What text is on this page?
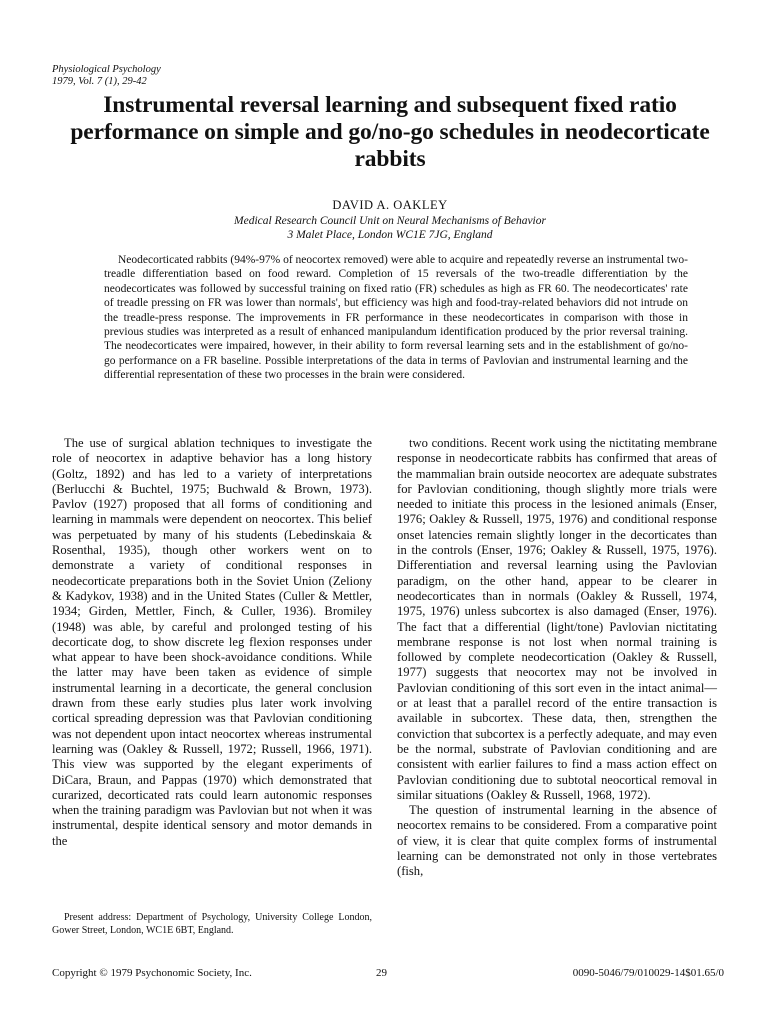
Physiological Psychology
1979, Vol. 7 (1), 29-42
Instrumental reversal learning and subsequent fixed ratio performance on simple and go/no-go schedules in neodecorticate rabbits
DAVID A. OAKLEY
Medical Research Council Unit on Neural Mechanisms of Behavior
3 Malet Place, London WC1E 7JG, England

Neodecorticated rabbits (94%-97% of neocortex removed) were able to acquire and repeatedly reverse an instrumental two-treadle differentiation based on food reward. Completion of 15 reversals of the two-treadle differentiation by the neodecorticates was followed by successful training on fixed ratio (FR) schedules as high as FR 60. The neodecorticates' rate of treadle pressing on FR was lower than normals', but efficiency was high and food-tray-related behaviors did not intrude on the treadle-press response. The improvements in FR performance in these neodecorticates in comparison with those in previous studies was interpreted as a result of enhanced manipulandum identification produced by the prior reversal training. The neodecorticates were impaired, however, in their ability to form reversal learning sets and in the establishment of go/no-go performance on a FR baseline. Possible interpretations of the data in terms of Pavlovian and instrumental learning and the differential representation of these two processes in the brain were considered.

The use of surgical ablation techniques to investigate the role of neocortex in adaptive behavior has a long history (Goltz, 1892) and has led to a variety of interpretations (Berlucchi & Buchtel, 1975; Buchwald & Brown, 1973). Pavlov (1927) proposed that all forms of conditioning and learning in mammals were dependent on neocortex. This belief was perpetuated by many of his students (Lebedinskaia & Rosenthal, 1935), though other workers went on to demonstrate a variety of conditional responses in neodecorticate preparations both in the Soviet Union (Zeliony & Kadykov, 1938) and in the United States (Culler & Mettler, 1934; Girden, Mettler, Finch, & Culler, 1936). Bromiley (1948) was able, by careful and prolonged testing of his decorticate dog, to show discrete leg flexion responses under what appear to have been shock-avoidance conditions. While the latter may have been taken as evidence of simple instrumental learning in a decorticate, the general conclusion drawn from these early studies plus later work involving cortical spreading depression was that Pavlovian conditioning was not dependent upon intact neocortex whereas instrumental learning was (Oakley & Russell, 1972; Russell, 1966, 1971). This view was supported by the elegant experiments of DiCara, Braun, and Pappas (1970) which demonstrated that curarized, decorticated rats could learn autonomic responses when the training paradigm was Pavlovian but not when it was instrumental, despite identical sensory and motor demands in the

two conditions. Recent work using the nictitating membrane response in neodecorticate rabbits has confirmed that areas of the mammalian brain outside neocortex are adequate substrates for Pavlovian conditioning, though slightly more trials were needed to initiate this process in the lesioned animals (Enser, 1976; Oakley & Russell, 1975, 1976) and conditional response onset latencies remain slightly longer in the decorticates than in the controls (Enser, 1976; Oakley & Russell, 1975, 1976). Differentiation and reversal learning using the Pavlovian paradigm, on the other hand, appear to be clearer in neodecorticates than in normals (Oakley & Russell, 1974, 1975, 1976) unless subcortex is also damaged (Enser, 1976). The fact that a differential (light/tone) Pavlovian nictitating membrane response is not lost when normal training is followed by complete neodecortication (Oakley & Russell, 1977) suggests that neocortex may not be involved in Pavlovian conditioning of this sort even in the intact animal—or at least that a parallel record of the entire transaction is available in subcortex. These data, then, strengthen the conviction that subcortex is a perfectly adequate, and may even be the normal, substrate of Pavlovian conditioning and are consistent with earlier failures to find a mass action effect on Pavlovian conditioning due to subtotal neocortical removal in similar situations (Oakley & Russell, 1968, 1972).

The question of instrumental learning in the absence of neocortex remains to be considered. From a comparative point of view, it is clear that quite complex forms of instrumental learning can be demonstrated not only in those vertebrates (fish,

Present address: Department of Psychology, University College London, Gower Street, London, WC1E 6BT, England.

Copyright © 1979 Psychonomic Society, Inc.	29	0090-5046/79/010029-14$01.65/0
